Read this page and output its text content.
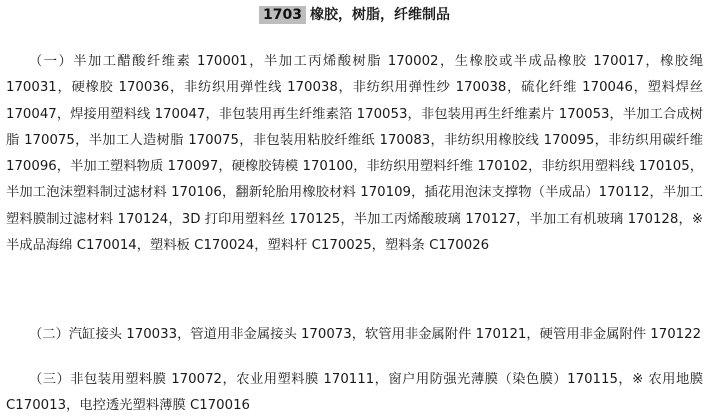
1703 橡胶，树脂，纤维制品

（一）半加工醋酸纤维素 170001，半加工丙烯酸树脂 170002，生橡胶或半成品橡胶 170017，橡胶绳 170031，硬橡胶 170036，非纺织用弹性线 170038，非纺织用弹性纱 170038，硫化纤维 170046，塑料焊丝 170047，焊接用塑料线 170047，非包装用再生纤维素箔 170053，非包装用再生纤维素片 170053，半加工合成树脂 170075，半加工人造树脂 170075，非包装用粘胶纤维纸 170083，非纺织用橡胶线 170095，非纺织用碳纤维 170096，半加工塑料物质 170097，硬橡胶铸模 170100，非纺织用塑料纤维 170102，非纺织用塑料线 170105，半加工泡沫塑料制过滤材料 170106，翻新轮胎用橡胶材料 170109，插花用泡沫支撑物（半成品）170112，半加工塑料膜制过滤材料 170124，3D 打印用塑料丝 170125，半加工丙烯酸玻璃 170127，半加工有机玻璃 170128，※ 半成品海绵 C170014，塑料板 C170024，塑料杆 C170025，塑料条 C170026

（二）汽缸接头 170033，管道用非金属接头 170073，软管用非金属附件 170121，硬管用非金属附件 170122

（三）非包装用塑料膜 170072，农业用塑料膜 170111，窗户用防强光薄膜（染色膜）170115，※ 农用地膜 C170013，电控透光塑料薄膜 C170016
